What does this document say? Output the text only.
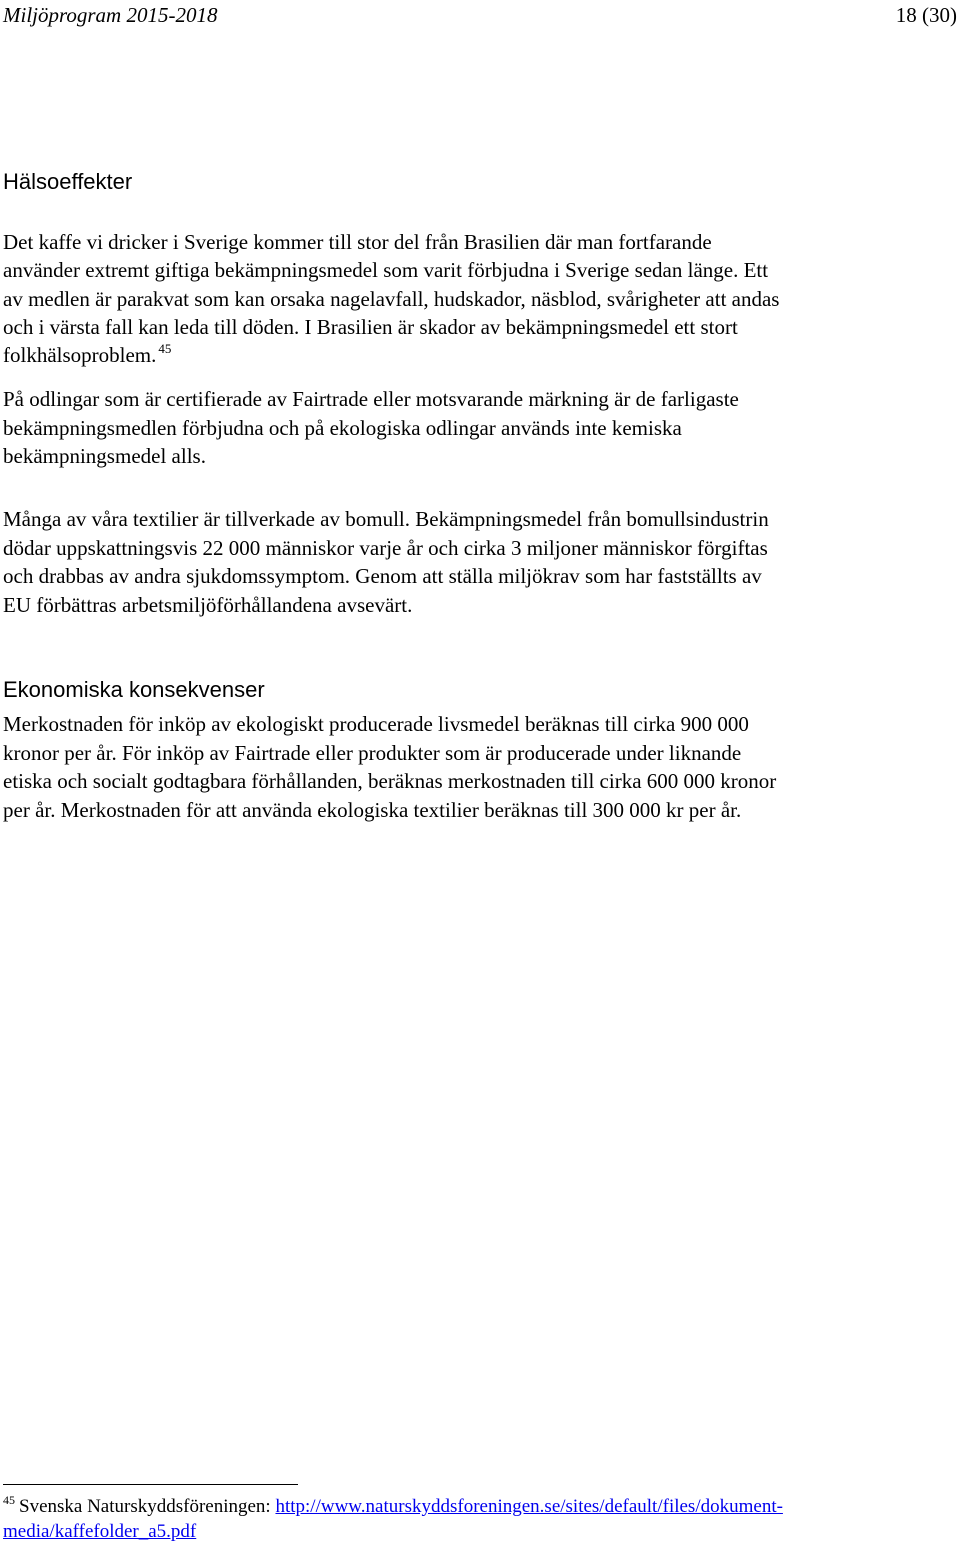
Miljöprogram 2015-2018	18 (30)
Hälsoeffekter
Det kaffe vi dricker i Sverige kommer till stor del från Brasilien där man fortfarande
använder extremt giftiga bekämpningsmedel som varit förbjudna i Sverige sedan länge. Ett
av medlen är parakvat som kan orsaka nagelavfall, hudskador, näsblod, svårigheter att andas
och i värsta fall kan leda till döden. I Brasilien är skador av bekämpningsmedel ett stort
folkhälsoproblem. $^{45}$
På odlingar som är certifierade av Fairtrade eller motsvarande märkning är de farligaste
bekämpningsmedlen förbjudna och på ekologiska odlingar används inte kemiska
bekämpningsmedel alls.
Många av våra textilier är tillverkade av bomull. Bekämpningsmedel från bomullsindustrin
dödar uppskattningsvis 22 000 människor varje år och cirka 3 miljoner människor förgiftas
och drabbas av andra sjukdomssymptom. Genom att ställa miljökrav som har fastställts av
EU förbättras arbetsmiljöförhållandena avsevärt.
Ekonomiska konsekvenser
Merkostnaden för inköp av ekologiskt producerade livsmedel beräknas till cirka 900 000
kronor per år. För inköp av Fairtrade eller produkter som är producerade under liknande
etiska och socialt godtagbara förhållanden, beräknas merkostnaden till cirka 600 000 kronor
per år. Merkostnaden för att använda ekologiska textilier beräknas till 300 000 kr per år.
$^{45}$ Svenska Naturskyddsföreningen: http://www.naturskyddsforeningen.se/sites/default/files/dokument-
media/kaffefolder_a5.pdf
